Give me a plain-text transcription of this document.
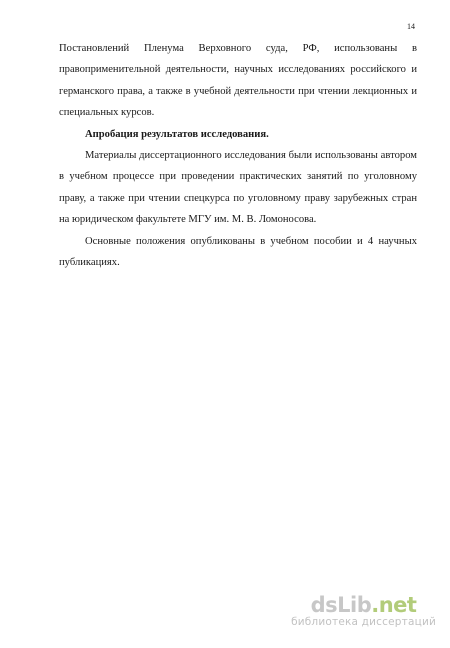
14

Постановлений Пленума Верховного суда, РФ, использованы в правоприменительной деятельности, научных исследованиях российского и германского права, а также в учебной деятельности при чтении лекционных и специальных курсов.

Апробация результатов исследования.

Материалы диссертационного исследования были использованы автором в учебном процессе при проведении практических занятий по уголовному праву, а также при чтении спецкурса по уголовному праву зарубежных стран на юридическом факультете МГУ им. М. В. Ломоносова.

Основные положения опубликованы в учебном пособии и 4 научных публикациях.

dsLib.net
библиотека диссертаций
